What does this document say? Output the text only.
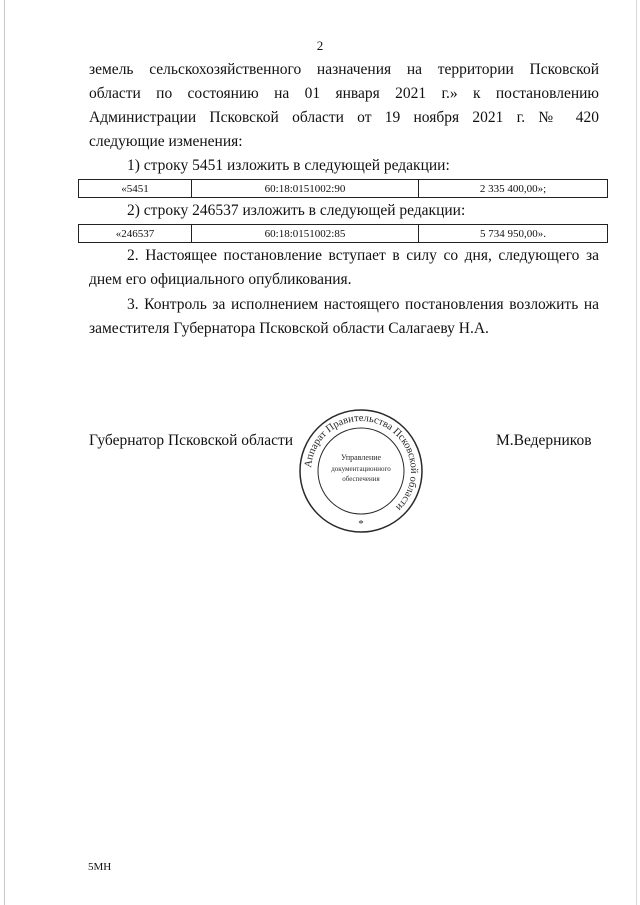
2
земель сельскохозяйственного назначения на территории Псковской
области по состоянию на 01 января 2021 г.» к постановлению
Администрации Псковской области от 19 ноября 2021 г. № 420
следующие изменения:
1) строку 5451 изложить в следующей редакции:
«5451	60:18:0151002:90	2 335 400,00»;
2) строку 246537 изложить в следующей редакции:
«246537	60:18:0151002:85	5 734 950,00».
2. Настоящее постановление вступает в силу со дня, следующего за днем его официального опубликования.
3. Контроль за исполнением настоящего постановления возложить на заместителя Губернатора Псковской области Салагаеву Н.А.
Губернатор Псковской области
Аппарат Правительства Псковской области
Управление
документационного
обеспечения
*
М.Ведерников
5МН
